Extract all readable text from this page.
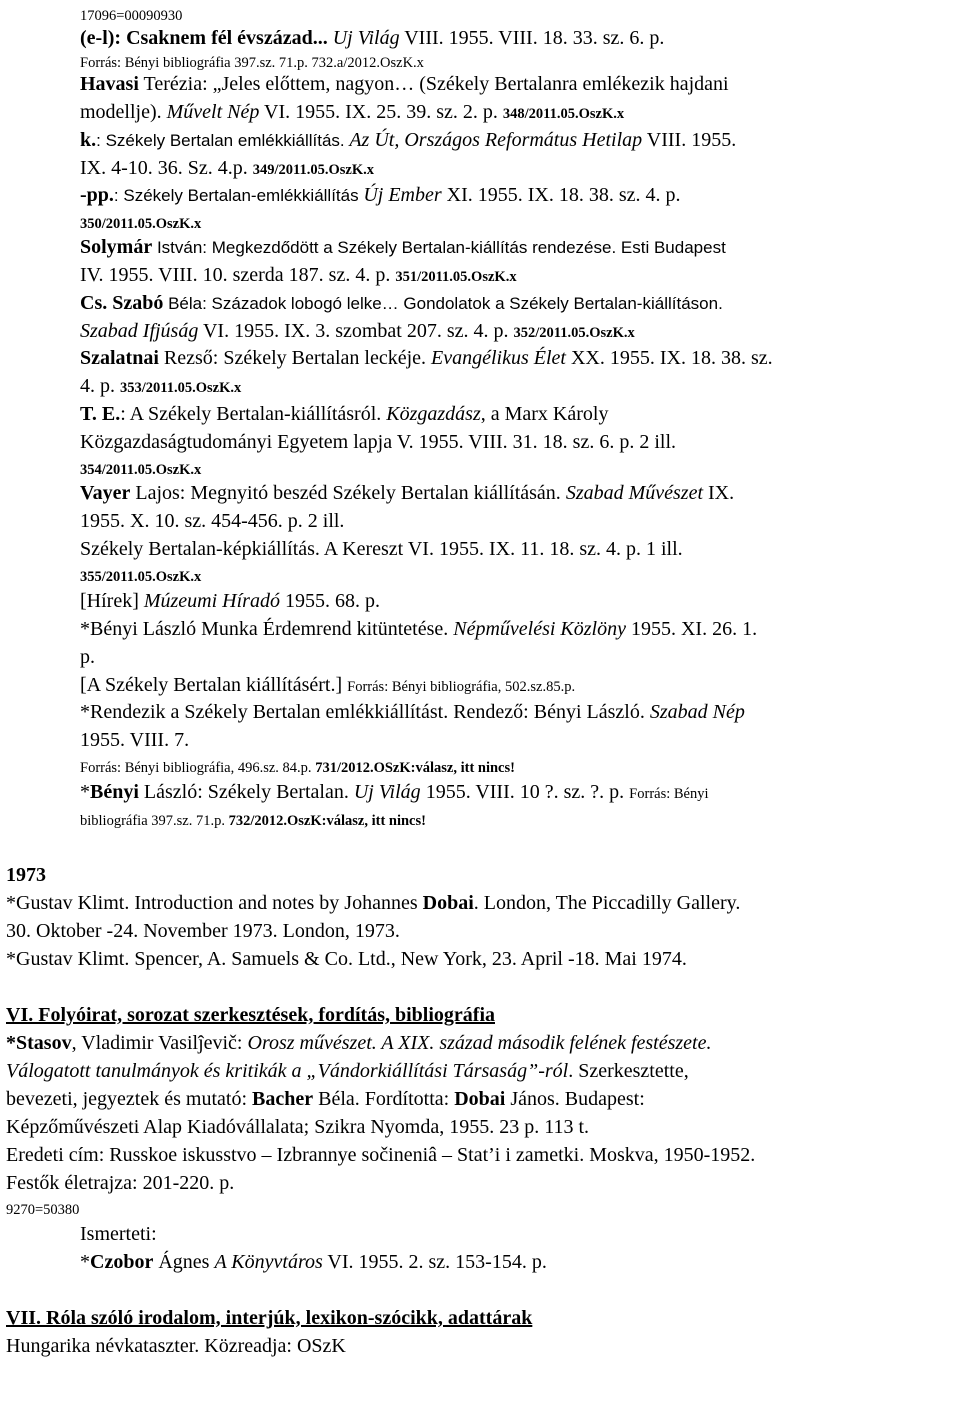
17096=00090930
(e-l): Csaknem fél évszázad... Uj Világ VIII. 1955. VIII. 18. 33. sz. 6. p.
Forrás: Bényi bibliográfia 397.sz. 71.p. 732.a/2012.OszK.x
Havasi Terézia: „Jeles előttem, nagyon… (Székely Bertalanra emlékezik hajdani
modellje). Művelt Nép VI. 1955. IX. 25. 39. sz. 2. p. 348/2011.05.OszK.x
k.: Székely Bertalan emlékkiállítás. Az Út, Országos Református Hetilap VIII. 1955.
IX. 4-10. 36. Sz. 4.p. 349/2011.05.OszK.x
-pp.: Székely Bertalan-emlékkiállítás Új Ember XI. 1955. IX. 18. 38. sz. 4. p.
350/2011.05.OszK.x
Solymár István: Megkezdődött a Székely Bertalan-kiállítás rendezése. Esti Budapest
IV. 1955. VIII. 10. szerda 187. sz. 4. p. 351/2011.05.OszK.x
Cs. Szabó Béla: Századok lobogó lelke… Gondolatok a Székely Bertalan-kiállításon.
Szabad Ifjúság VI. 1955. IX. 3. szombat 207. sz. 4. p. 352/2011.05.OszK.x
Szalatnai Rezső: Székely Bertalan leckéje. Evangélikus Élet XX. 1955. IX. 18. 38. sz.
4. p. 353/2011.05.OszK.x
T. E.: A Székely Bertalan-kiállításról. Közgazdász, a Marx Károly
Közgazdaságtudományi Egyetem lapja V. 1955. VIII. 31. 18. sz. 6. p. 2 ill.
354/2011.05.OszK.x
Vayer Lajos: Megnyitó beszéd Székely Bertalan kiállításán. Szabad Művészet IX.
1955. X. 10. sz. 454-456. p. 2 ill.
Székely Bertalan-képkiállítás. A Kereszt VI. 1955. IX. 11. 18. sz. 4. p. 1 ill.
355/2011.05.OszK.x
[Hírek] Múzeumi Híradó 1955. 68. p.
*Bényi László Munka Érdemrend kitüntetése. Népművelési Közlöny 1955. XI. 26. 1.
p.
[A Székely Bertalan kiállításért.] Forrás: Bényi bibliográfia, 502.sz.85.p.
*Rendezik a Székely Bertalan emlékkiállítást. Rendező: Bényi László. Szabad Nép
1955. VIII. 7.
Forrás: Bényi bibliográfia, 496.sz. 84.p. 731/2012.OSzK:válasz, itt nincs!
*Bényi László: Székely Bertalan. Uj Világ 1955. VIII. 10 ?. sz. ?. p. Forrás: Bényi
bibliográfia 397.sz. 71.p. 732/2012.OszK:válasz, itt nincs!
1973
*Gustav Klimt. Introduction and notes by Johannes Dobai. London, The Piccadilly Gallery.
30. Oktober -24. November 1973. London, 1973.
*Gustav Klimt. Spencer, A. Samuels & Co. Ltd., New York, 23. April -18. Mai 1974.
VI. Folyóirat, sorozat szerkesztések, fordítás, bibliográfia
*Stasov, Vladimir Vasilĵevič: Orosz művészet. A XIX. század második felének festészete.
Válogatott tanulmányok és kritikák a „Vándorkiállítási Társaság”-ról. Szerkesztette,
bevezeti, jegyeztek és mutató: Bacher Béla. Fordította: Dobai János. Budapest:
Képzőművészeti Alap Kiadóvállalata; Szikra Nyomda, 1955. 23 p. 113 t.
Eredeti cím: Russkoe iskusstvo – Izbrannye sočineniâ – Stat’i i zametki. Moskva, 1950-1952.
Festők életrajza: 201-220. p.
9270=50380
Ismerteti:
*Czobor Ágnes A Könyvtáros VI. 1955. 2. sz. 153-154. p.
VII. Róla szóló irodalom, interjúk, lexikon-szócikk, adattárak
Hungarika névkataszter. Közreadja: OSzK
